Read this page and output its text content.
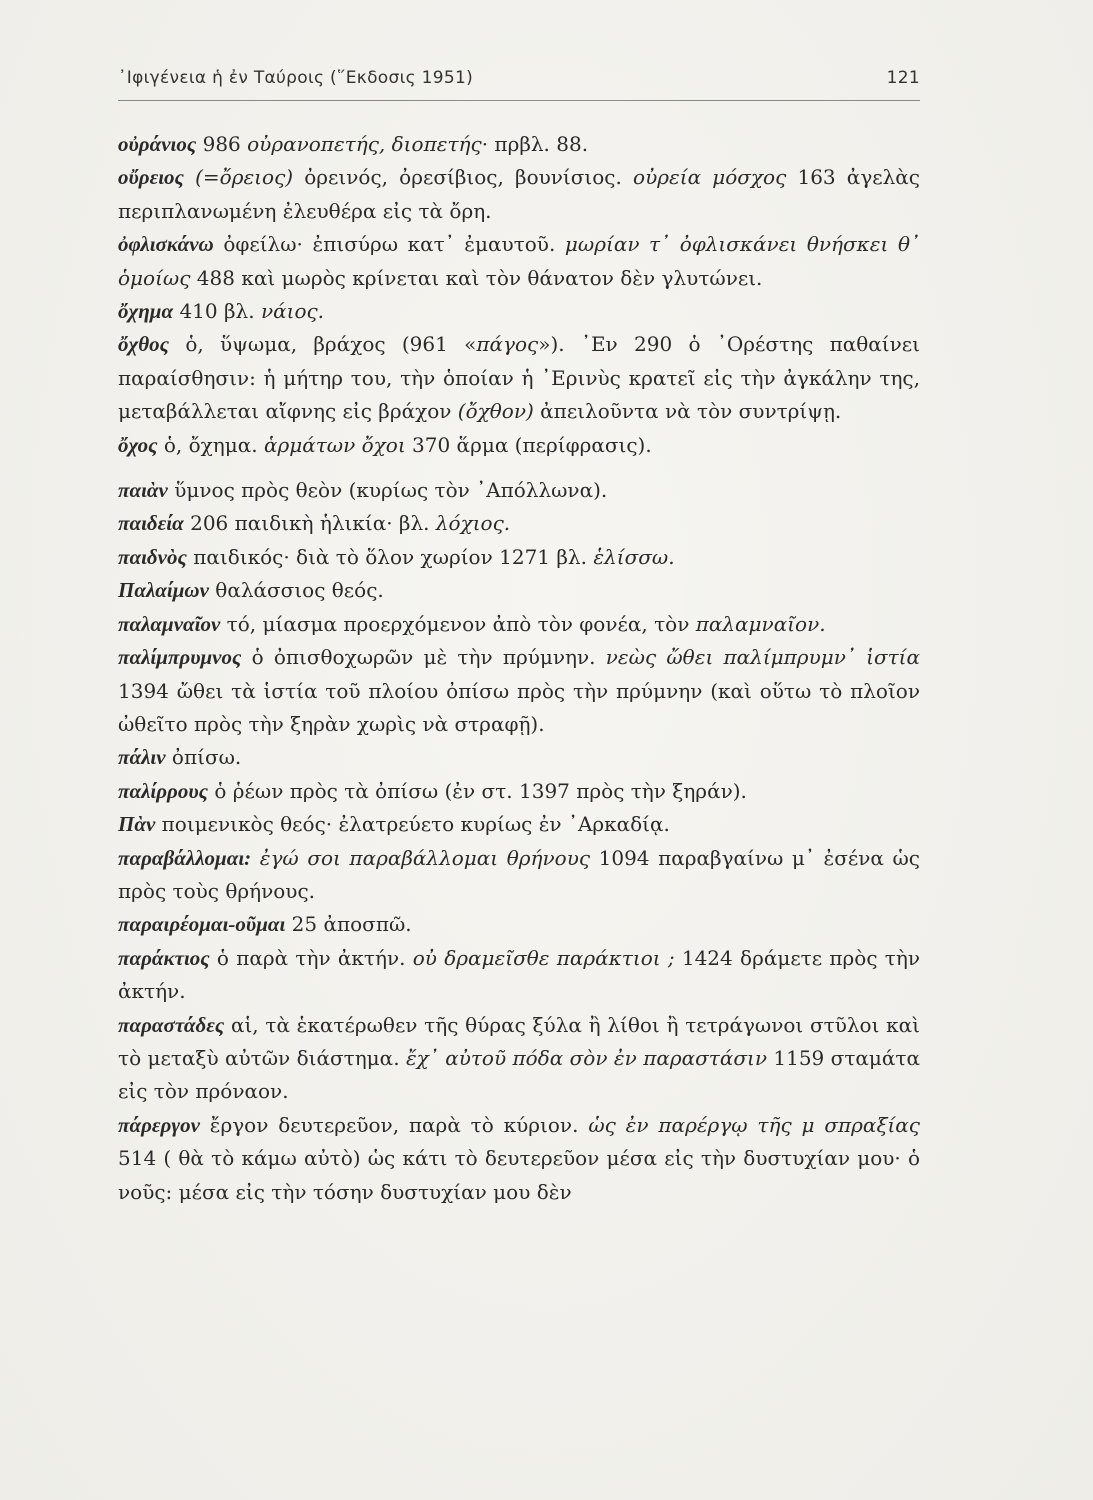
᾿Ιφιγένεια ἡ ἐν Ταύροις (῞Εκδοσις 1951)	121

οὐράνιος 986 οὐρανοπετής, διοπετής· πρβλ. 88.

οὔρειος (=ὄρειος) ὀρεινός, ὀρεσίβιος, βουνίσιος. οὐρεία μόσχος 163 ἀγελὰς περιπλανωμένη ἐλευθέρα εἰς τὰ ὄρη.

ὀφλισκάνω ὀφείλω· ἐπισύρω κατ᾿ ἐμαυτοῦ. μωρίαν τ᾿ ὀφλισκάνει θνήσκει θ᾿ ὁμοίως 488 καὶ μωρὸς κρίνεται καὶ τὸν θάνατον δὲν γλυτώνει.

ὄχημα 410 βλ. νάιος.

ὄχθος ὁ, ὕψωμα, βράχος (961 «πάγος»). ᾿Εν 290 ὁ ᾿Ορέστης παθαίνει παραίσθησιν: ἡ μήτηρ του, τὴν ὁποίαν ἡ ᾿Ερινὺς κρατεῖ εἰς τὴν ἀγκάλην της, μεταβάλλεται αἴφνης εἰς βράχον (ὄχθον) ἀπειλοῦντα νὰ τὸν συντρίψῃ.

ὄχος ὁ, ὄχημα. ἁρμάτων ὄχοι 370 ἅρμα (περίφρασις).

παιὰν ὕμνος πρὸς θεὸν (κυρίως τὸν ᾿Απόλλωνα).

παιδεία 206 παιδικὴ ἡλικία· βλ. λόχιος.

παιδνὸς παιδικός· διὰ τὸ ὅλον χωρίον 1271 βλ. ἑλίσσω.

Παλαίμων θαλάσσιος θεός.

παλαμναῖον τό, μίασμα προερχόμενον ἀπὸ τὸν φονέα, τὸν παλαμναῖον.

παλίμπρυμνος ὁ ὀπισθοχωρῶν μὲ τὴν πρύμνην. νεὼς ὤθει παλίμπρυμν᾿ ἱστία 1394 ὤθει τὰ ἱστία τοῦ πλοίου ὀπίσω πρὸς τὴν πρύμνην (καὶ οὕτω τὸ πλοῖον ὠθεῖτο πρὸς τὴν ξηρὰν χωρὶς νὰ στραφῇ).

πάλιν ὀπίσω.

παλίρρους ὁ ῥέων πρὸς τὰ ὀπίσω (ἐν στ. 1397 πρὸς τὴν ξηράν).

Πὰν ποιμενικὸς θεός· ἐλατρεύετο κυρίως ἐν ᾿Αρκαδίᾳ.

παραβάλλομαι: ἐγώ σοι παραβάλλομαι θρήνους 1094 παραβγαίνω μ᾿ ἐσένα ὡς πρὸς τοὺς θρήνους.

παραιρέομαι-οῦμαι 25 ἀποσπῶ.

παράκτιος ὁ παρὰ τὴν ἀκτήν. οὐ δραμεῖσθε παράκτιοι ; 1424 δράμετε πρὸς τὴν ἀκτήν.

παραστάδες αἱ, τὰ ἑκατέρωθεν τῆς θύρας ξύλα ἢ λίθοι ἢ τετράγωνοι στῦλοι καὶ τὸ μεταξὺ αὐτῶν διάστημα. ἔχ᾿ αὐτοῦ πόδα σὸν ἐν παραστάσιν 1159 σταμάτα εἰς τὸν πρόναον.

πάρεργον ἔργον δευτερεῦον, παρὰ τὸ κύριον. ὡς ἐν παρέργῳ τῆς μ σπραξίας 514 ( θὰ τὸ κάμω αὐτὸ) ὡς κάτι τὸ δευτερεῦον μέσα εἰς τὴν δυστυχίαν μου· ὁ νοῦς: μέσα εἰς τὴν τόσην δυστυχίαν μου δὲν
